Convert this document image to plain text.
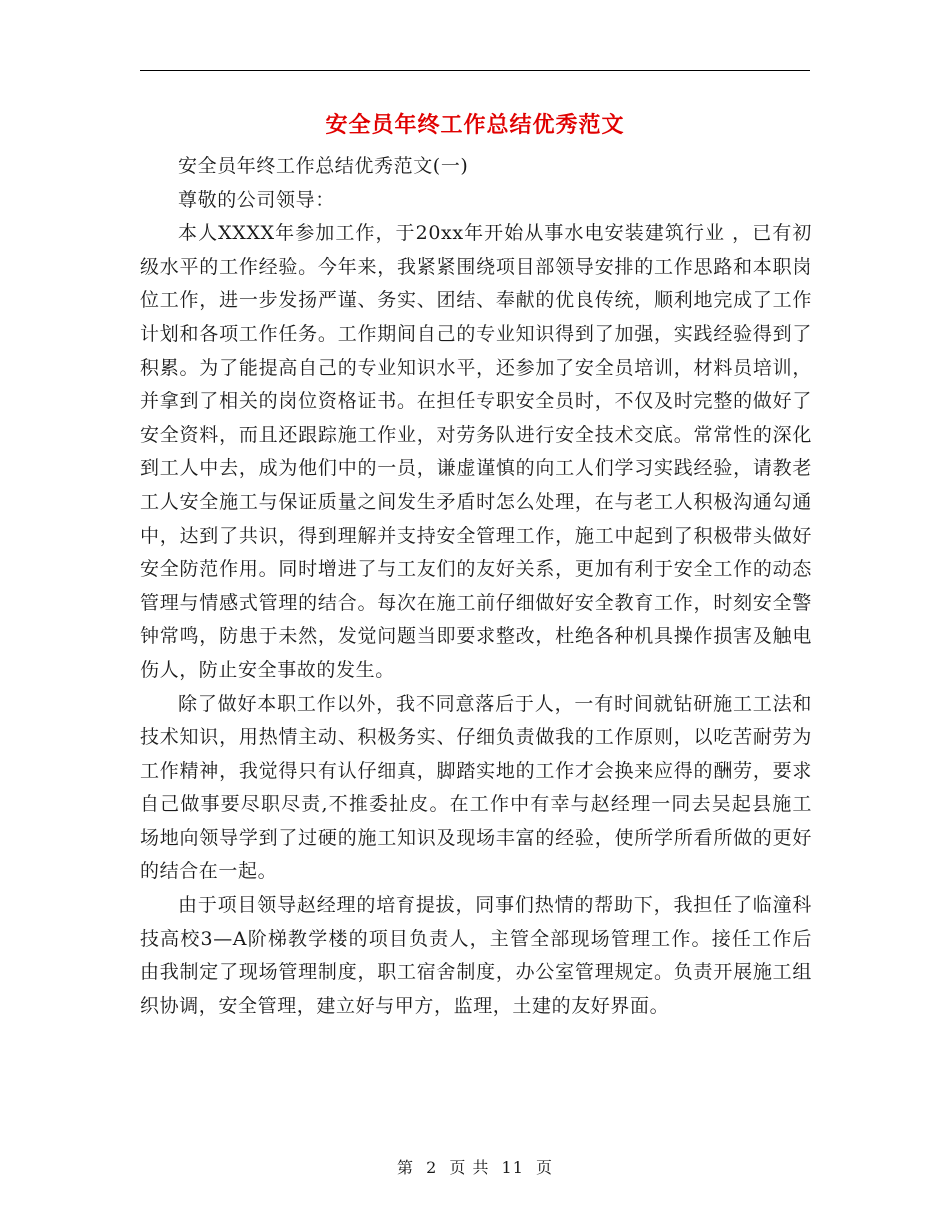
安全员年终工作总结优秀范文

安全员年终工作总结优秀范文(一)

尊敬的公司领导：

本人XXXX年参加工作，于20xx年开始从事水电安装建筑行业 ，已有初级水平的工作经验。今年来，我紧紧围绕项目部领导安排的工作思路和本职岗位工作，进一步发扬严谨、务实、团结、奉献的优良传统，顺利地完成了工作计划和各项工作任务。工作期间自己的专业知识得到了加强，实践经验得到了积累。为了能提高自己的专业知识水平，还参加了安全员培训，材料员培训，并拿到了相关的岗位资格证书。在担任专职安全员时，不仅及时完整的做好了安全资料，而且还跟踪施工作业，对劳务队进行安全技术交底。常常性的深化到工人中去，成为他们中的一员，谦虚谨慎的向工人们学习实践经验，请教老工人安全施工与保证质量之间发生矛盾时怎么处理，在与老工人积极沟通勾通中，达到了共识，得到理解并支持安全管理工作，施工中起到了积极带头做好安全防范作用。同时增进了与工友们的友好关系，更加有利于安全工作的动态管理与情感式管理的结合。每次在施工前仔细做好安全教育工作，时刻安全警钟常鸣，防患于未然，发觉问题当即要求整改，杜绝各种机具操作损害及触电伤人，防止安全事故的发生。

除了做好本职工作以外，我不同意落后于人，一有时间就钻研施工工法和技术知识，用热情主动、积极务实、仔细负责做我的工作原则，以吃苦耐劳为工作精神，我觉得只有认仔细真，脚踏实地的工作才会换来应得的酬劳，要求自己做事要尽职尽责,不推委扯皮。在工作中有幸与赵经理一同去吴起县施工场地向领导学到了过硬的施工知识及现场丰富的经验，使所学所看所做的更好的结合在一起。

由于项目领导赵经理的培育提拔，同事们热情的帮助下，我担任了临潼科技高校3—A阶梯教学楼的项目负责人，主管全部现场管理工作。接任工作后由我制定了现场管理制度，职工宿舍制度，办公室管理规定。负责开展施工组织协调，安全管理，建立好与甲方，监理，土建的友好界面。

第 2 页 共 11 页
